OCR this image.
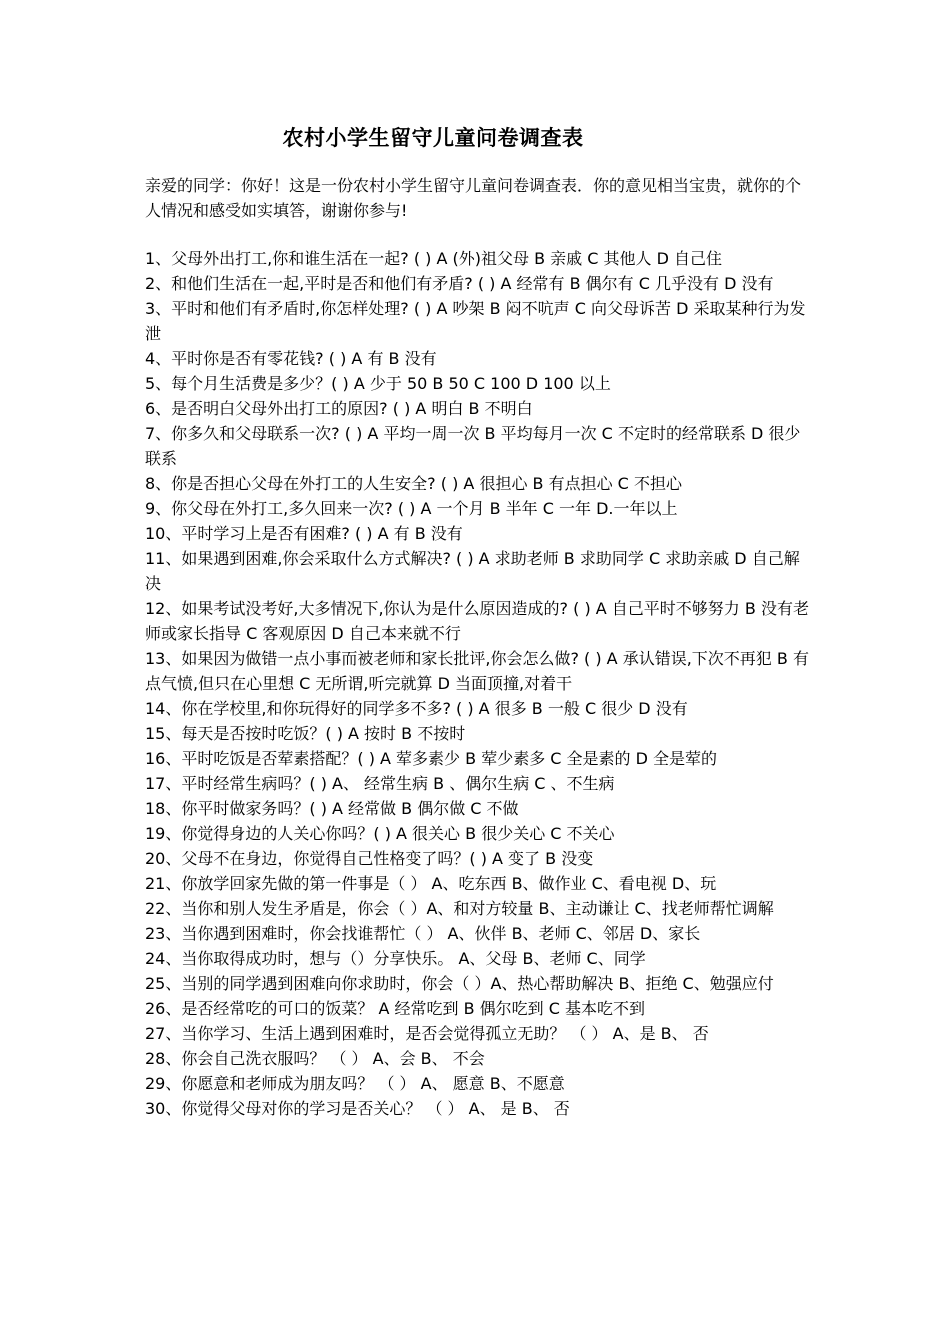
农村小学生留守儿童问卷调查表
亲爱的同学：你好！这是一份农村小学生留守儿童问卷调查表．你的意见相当宝贵，就你的个人情况和感受如实填答，谢谢你参与!
1、父母外出打工,你和谁生活在一起? ( ) A (外)祖父母 B 亲戚 C 其他人 D 自己住
2、和他们生活在一起,平时是否和他们有矛盾? ( ) A 经常有 B 偶尔有 C 几乎没有 D 没有
3、平时和他们有矛盾时,你怎样处理? ( ) A 吵架 B 闷不吭声 C 向父母诉苦 D 采取某种行为发泄
4、平时你是否有零花钱? ( ) A 有 B 没有
5、每个月生活费是多少？( ) A 少于 50 B 50 C 100 D 100 以上
6、是否明白父母外出打工的原因? ( ) A 明白 B 不明白
7、你多久和父母联系一次? ( ) A 平均一周一次 B 平均每月一次 C 不定时的经常联系 D 很少联系
8、你是否担心父母在外打工的人生安全? ( ) A 很担心 B 有点担心 C 不担心
9、你父母在外打工,多久回来一次? ( ) A 一个月 B 半年 C 一年 D.一年以上
10、平时学习上是否有困难? ( ) A 有 B 没有
11、如果遇到困难,你会采取什么方式解决? ( ) A 求助老师 B 求助同学 C 求助亲戚 D 自己解决
12、如果考试没考好,大多情况下,你认为是什么原因造成的? ( ) A 自己平时不够努力 B 没有老师或家长指导 C 客观原因 D 自己本来就不行
13、如果因为做错一点小事而被老师和家长批评,你会怎么做? ( ) A 承认错误,下次不再犯 B 有点气愤,但只在心里想 C 无所谓,听完就算 D 当面顶撞,对着干
14、你在学校里,和你玩得好的同学多不多? ( ) A 很多 B 一般 C 很少 D 没有
15、每天是否按时吃饭？( ) A 按时 B 不按时
16、平时吃饭是否荤素搭配？( ) A 荤多素少 B 荤少素多 C 全是素的 D 全是荤的
17、平时经常生病吗？( ) A、 经常生病 B 、偶尔生病 C 、不生病
18、你平时做家务吗？( ) A 经常做 B 偶尔做 C 不做
19、你觉得身边的人关心你吗？( ) A 很关心 B 很少关心 C 不关心
20、父母不在身边，你觉得自己性格变了吗？( ) A 变了 B 没变
21、你放学回家先做的第一件事是（ ） A、吃东西 B、做作业 C、看电视 D、玩
22、当你和别人发生矛盾是，你会（ ）A、和对方较量 B、主动谦让 C、找老师帮忙调解
23、当你遇到困难时，你会找谁帮忙（ ） A、伙伴 B、老师 C、邻居 D、家长
24、当你取得成功时，想与（）分享快乐。 A、父母 B、老师 C、同学
25、当别的同学遇到困难向你求助时，你会（ ）A、热心帮助解决 B、拒绝 C、勉强应付
26、是否经常吃的可口的饭菜？ A 经常吃到 B 偶尔吃到 C 基本吃不到
27、当你学习、生活上遇到困难时，是否会觉得孤立无助？ （ ） A、是 B、 否
28、你会自己洗衣服吗？ （ ） A、会 B、 不会
29、你愿意和老师成为朋友吗？ （ ） A、 愿意 B、不愿意
30、你觉得父母对你的学习是否关心？ （ ） A、 是 B、 否
